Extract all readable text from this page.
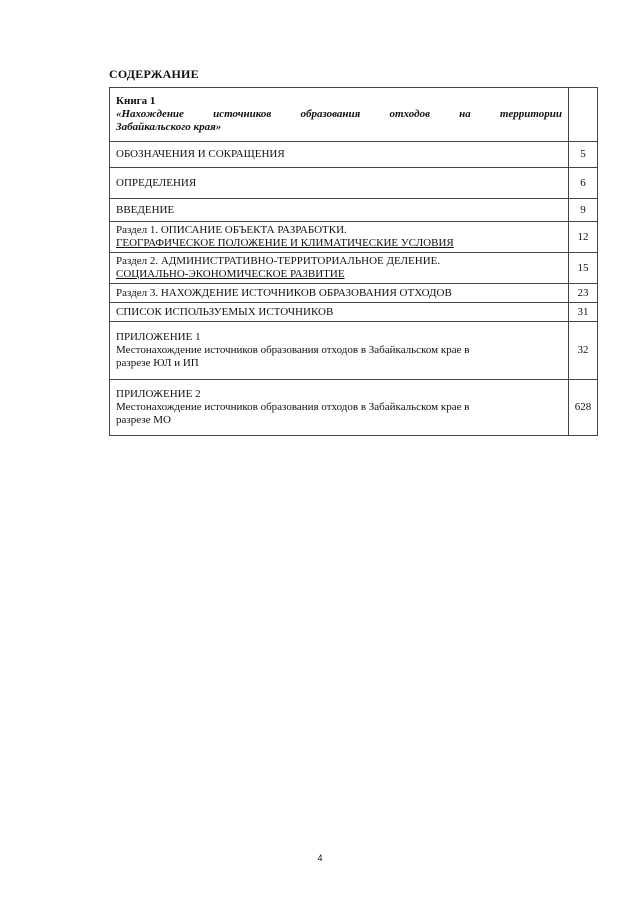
СОДЕРЖАНИЕ
Книга 1
«Нахождение источников образования отходов на территории
Забайкальского края»	

ОБОЗНАЧЕНИЯ И СОКРАЩЕНИЯ	5

ОПРЕДЕЛЕНИЯ	6

ВВЕДЕНИЕ	9

Раздел 1. ОПИСАНИЕ ОБЪЕКТА РАЗРАБОТКИ.
ГЕОГРАФИЧЕСКОЕ ПОЛОЖЕНИЕ И КЛИМАТИЧЕСКИЕ УСЛОВИЯ	12

Раздел 2. АДМИНИСТРАТИВНО-ТЕРРИТОРИАЛЬНОЕ ДЕЛЕНИЕ.
СОЦИАЛЬНО-ЭКОНОМИЧЕСКОЕ РАЗВИТИЕ	15

Раздел 3. НАХОЖДЕНИЕ ИСТОЧНИКОВ ОБРАЗОВАНИЯ ОТХОДОВ	23

СПИСОК ИСПОЛЬЗУЕМЫХ ИСТОЧНИКОВ	31

ПРИЛОЖЕНИЕ 1
Местонахождение источников образования отходов в Забайкальском крае в
разрезе ЮЛ и ИП	32

ПРИЛОЖЕНИЕ 2
Местонахождение источников образования отходов в Забайкальском крае в
разрезе МО	628
4
